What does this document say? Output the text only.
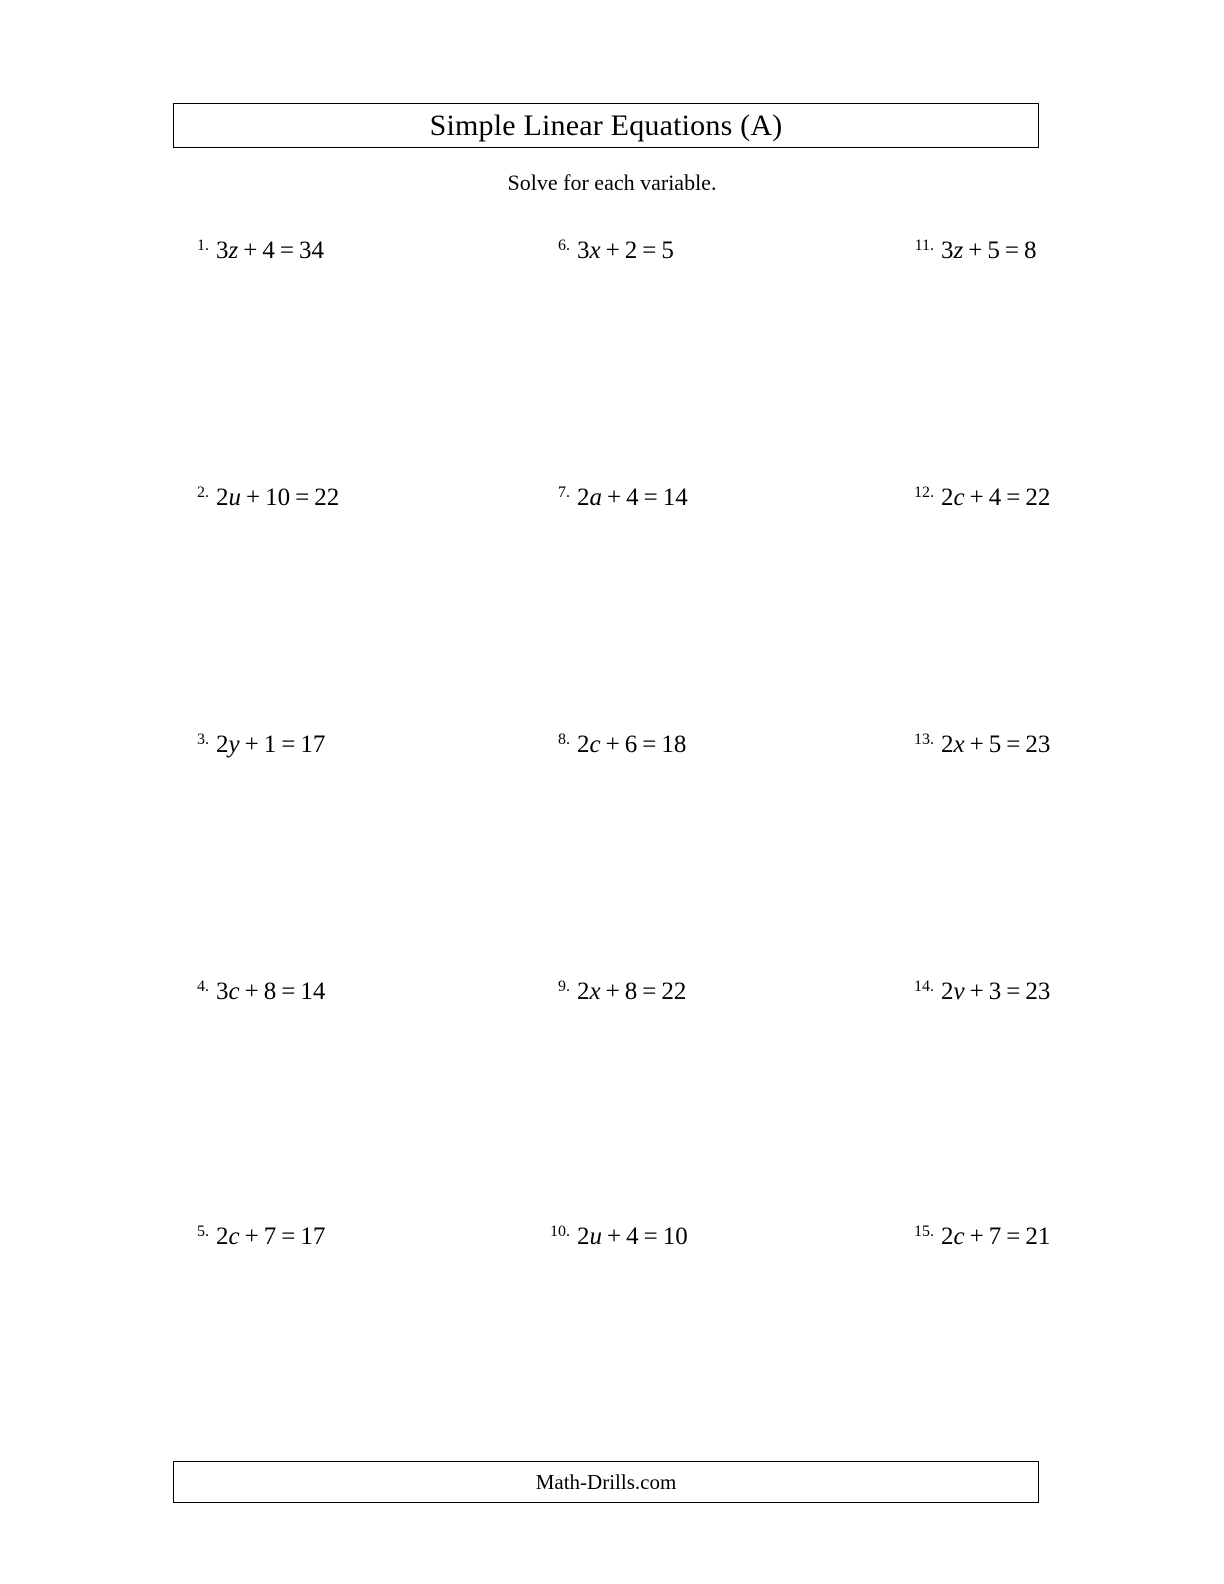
Simple Linear Equations (A)
Solve for each variable.
1. 3z + 4 = 34
2. 2u + 10 = 22
3. 2y + 1 = 17
4. 3c + 8 = 14
5. 2c + 7 = 17
6. 3x + 2 = 5
7. 2a + 4 = 14
8. 2c + 6 = 18
9. 2x + 8 = 22
10. 2u + 4 = 10
11. 3z + 5 = 8
12. 2c + 4 = 22
13. 2x + 5 = 23
14. 2v + 3 = 23
15. 2c + 7 = 21
Math-Drills.com
